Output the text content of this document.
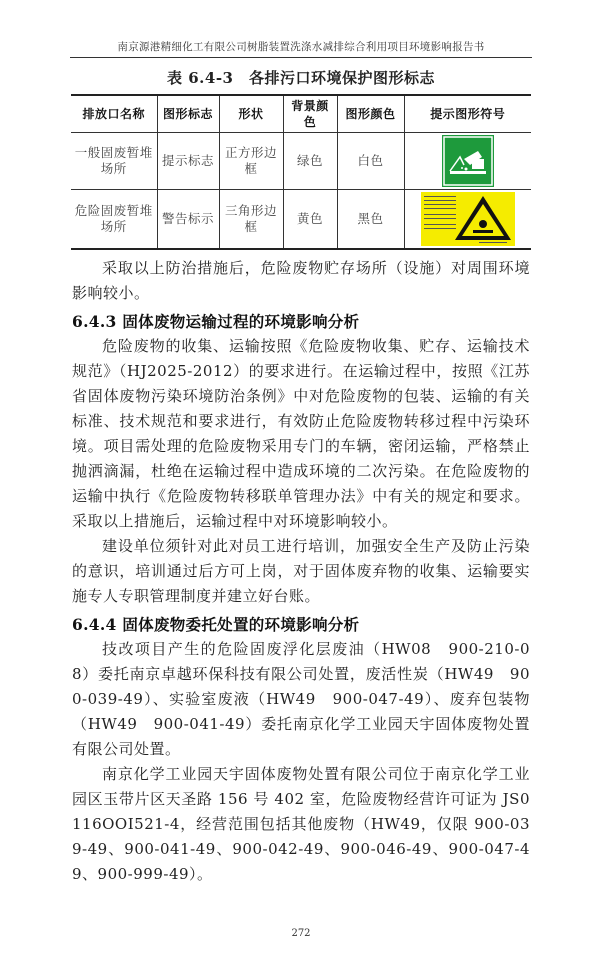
南京源港精细化工有限公司树脂装置洗涤水减排综合利用项目环境影响报告书
表 6.4-3　各排污口环境保护图形标志
排放口名称	图形标志	形状	背景颜色	图形颜色	提示图形符号
一般固废暂堆场所	提示标志	正方形边框	绿色	白色	

危险固废暂堆场所	警告标示	三角形边框	黄色	黑色	

采取以上防治措施后，危险废物贮存场所（设施）对周围环境影响较小。

6.4.3 固体废物运输过程的环境影响分析

危险废物的收集、运输按照《危险废物收集、贮存、运输技术规范》（HJ2025-2012）的要求进行。在运输过程中，按照《江苏省固体废物污染环境防治条例》中对危险废物的包装、运输的有关标准、技术规范和要求进行，有效防止危险废物转移过程中污染环境。项目需处理的危险废物采用专门的车辆，密闭运输，严格禁止抛洒滴漏，杜绝在运输过程中造成环境的二次污染。在危险废物的运输中执行《危险废物转移联单管理办法》中有关的规定和要求。采取以上措施后，运输过程中对环境影响较小。

建设单位须针对此对员工进行培训，加强安全生产及防止污染的意识，培训通过后方可上岗，对于固体废弃物的收集、运输要实施专人专职管理制度并建立好台账。

6.4.4 固体废物委托处置的环境影响分析

技改项目产生的危险固废浮化层废油（HW08　900-210-08）委托南京卓越环保科技有限公司处置，废活性炭（HW49　900-039-49）、实验室废液（HW49　900-047-49）、废弃包装物（HW49　900-041-49）委托南京化学工业园天宇固体废物处置有限公司处置。

南京化学工业园天宇固体废物处置有限公司位于南京化学工业园区玉带片区天圣路 156 号 402 室，危险废物经营许可证为 JS0116OOI521-4，经营范围包括其他废物（HW49，仅限 900-039-49、900-041-49、900-042-49、900-046-49、900-047-49、900-999-49）。

272
